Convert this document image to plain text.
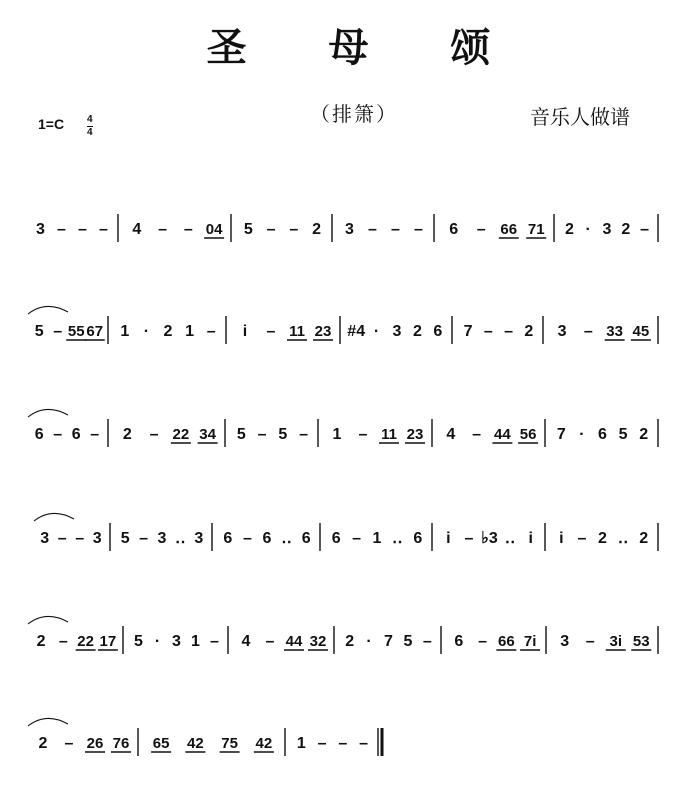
圣 母 颂
（排箫）	音乐人做谱
1=C 4
4
3 – – – 4 – – 04 5 – – 2 3 – – – 6 – 66 71 2 · 3 2 –
5 – 55 67 1 · 2 1 – i – 11 23 #4 · 3 2 6 7 – – 2 3 – 33 45
6 – 6 – 2 – 22 34 5 – 5 – 1 – 11 23 4 – 44 56 7 · 6 5 2
3 – – 3 5 – 3 ‥ 3 6 – 6 ‥ 6 6 – 1 ‥ 6 i – ♭3 ‥ i i – 2 ‥ 2
2 – 22 17 5 · 3 1 – 4 – 44 32 2 · 7 5 – 6 – 66 7i 3 – 3i 53
2 – 26 76 65 42 75 42 1 – – –
